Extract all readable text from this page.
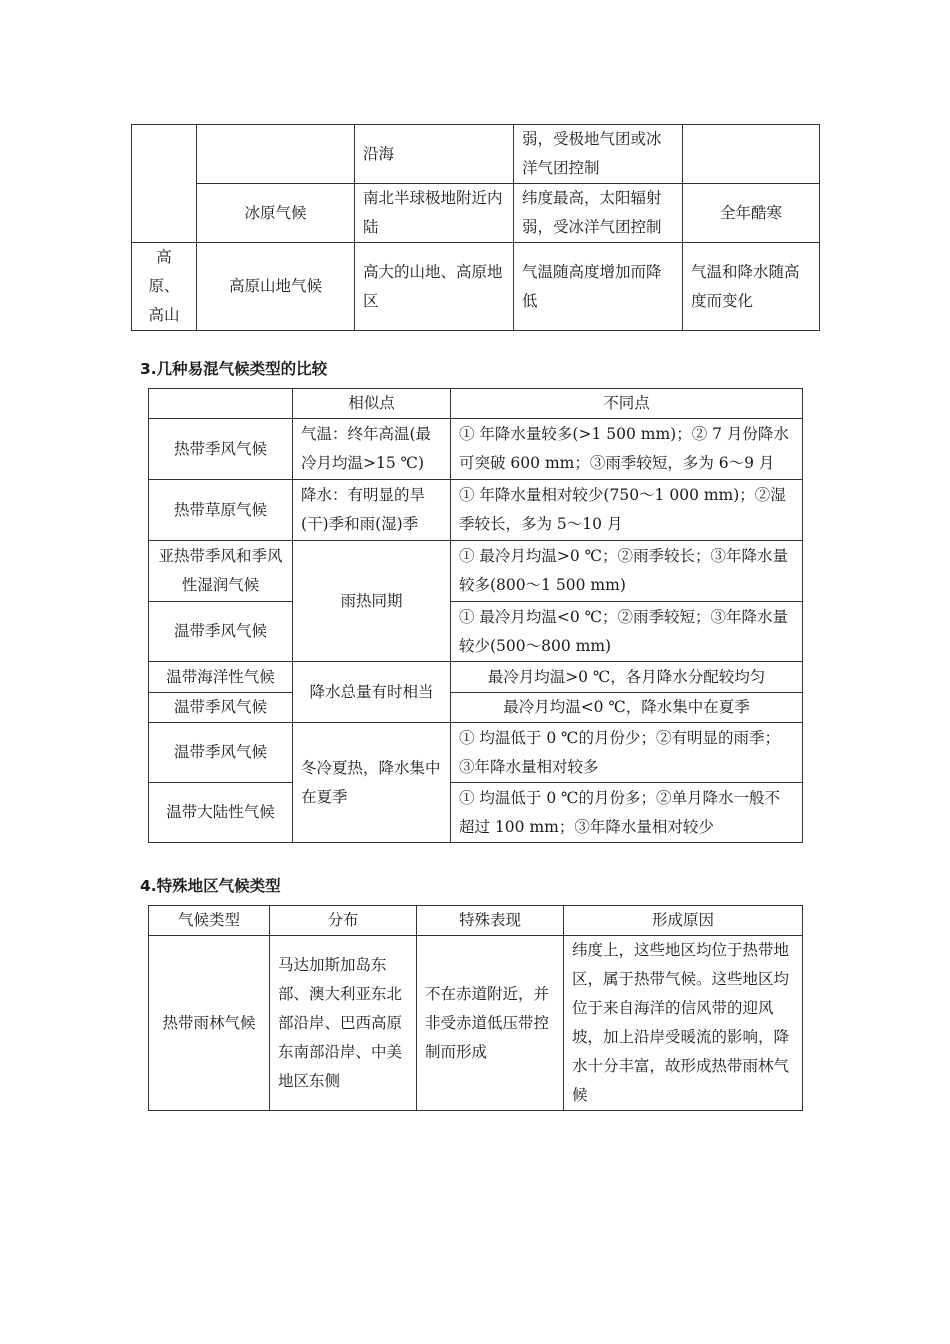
		沿海	弱，受极地气团或冰洋气团控制	
	冰原气候	南北半球极地附近内陆	纬度最高，太阳辐射弱，受冰洋气团控制	全年酷寒
高原、高山	高原山地气候	高大的山地、高原地区	气温随高度增加而降低	气温和降水随高度而变化
3.几种易混气候类型的比较
	相似点	不同点
热带季风气候	气温：终年高温(最冷月均温>15 ℃)	① 年降水量较多(>1 500 mm)；② 7 月份降水可突破 600 mm；③雨季较短，多为 6～9 月
热带草原气候	降水：有明显的旱(干)季和雨(湿)季	① 年降水量相对较少(750～1 000 mm)；②湿季较长，多为 5～10 月
亚热带季风和季风性湿润气候	雨热同期	① 最冷月均温>0 ℃；②雨季较长；③年降水量较多(800～1 500 mm)
温带季风气候		① 最冷月均温<0 ℃；②雨季较短；③年降水量较少(500～800 mm)
温带海洋性气候	降水总量有时相当	最冷月均温>0 ℃，各月降水分配较均匀
温带季风气候		最冷月均温<0 ℃，降水集中在夏季
温带季风气候	冬冷夏热，降水集中在夏季	① 均温低于 0 ℃的月份少；②有明显的雨季；③年降水量相对较多
温带大陆性气候		① 均温低于 0 ℃的月份多；②单月降水一般不超过 100 mm；③年降水量相对较少
4.特殊地区气候类型
气候类型	分布	特殊表现	形成原因
热带雨林气候	马达加斯加岛东部、澳大利亚东北部沿岸、巴西高原东南部沿岸、中美地区东侧	不在赤道附近，并非受赤道低压带控制而形成	纬度上，这些地区均位于热带地区，属于热带气候。这些地区均位于来自海洋的信风带的迎风坡，加上沿岸受暖流的影响，降水十分丰富，故形成热带雨林气候
